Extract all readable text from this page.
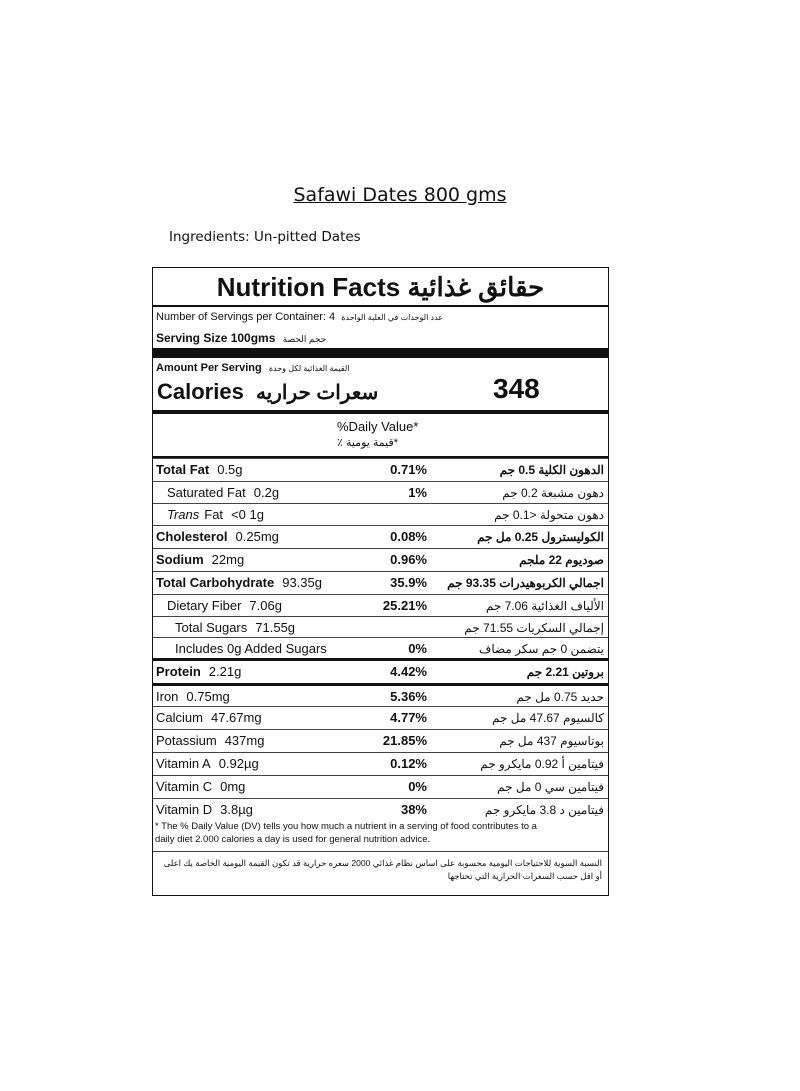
Safawi Dates 800 gms
Ingredients: Un-pitted Dates
Nutrition Facts حقائق غذائية
Number of Servings per Container: 4 عدد الوحدات في العلبة الواحدة
Serving Size 100gms حجم الحصة
Amount Per Serving القيمة الغذائية لكل وحدة
Calories سعرات حراريه	348
%Daily Value*
*قيمة يومية ٪
Total Fat 0.5g	0.71%	الدهون الكلية 0.5 جم
Saturated Fat 0.2g	1%	دهون مشبعة 0.2 جم
Trans Fat <0 1g	دهون متحولة <0.1 جم
Cholesterol 0.25mg	0.08%	الكوليسترول 0.25 مل جم
Sodium 22mg	0.96%	صوديوم 22 ملجم
Total Carbohydrate 93.35g	35.9% اجمالي الكربوهيدرات 93.35 جم
Dietary Fiber 7.06g	25.21%	الألياف الغذائية 7.06 جم
Total Sugars 71.55g	إجمالي السكريات 71.55 جم
Includes 0g Added Sugars	0%	يتضمن 0 جم سكر مضاف
Protein 2.21g	4.42%	بروتين 2.21 جم
Iron 0.75mg	5.36%	حديد 0.75 مل جم
Calcium 47.67mg	4.77%	كالسيوم 47.67 مل جم
Potassium 437mg	21.85%	بوتاسيوم 437 مل جم
Vitamin A 0.92µg	0.12%	فيتامين أ 0.92 مايكرو جم
Vitamin C 0mg	0%	فيتامين سي 0 مل جم
Vitamin D 3.8µg	38%	فيتامين د 3.8 مايكرو جم
* The % Daily Value (DV) tells you how much a nutrient in a serving of food contributes to a
daily diet 2.000 calories a day is used for general nutrition advice.
النسبة السوية للاحتياجات اليومية محسوبة على اساس نظام غذائي 2000 سعره حرارية قد تكون القيمة اليومية الخاصة بك اعلى
أو اقل حسب السعرات الحرارية التي تحتاجها
